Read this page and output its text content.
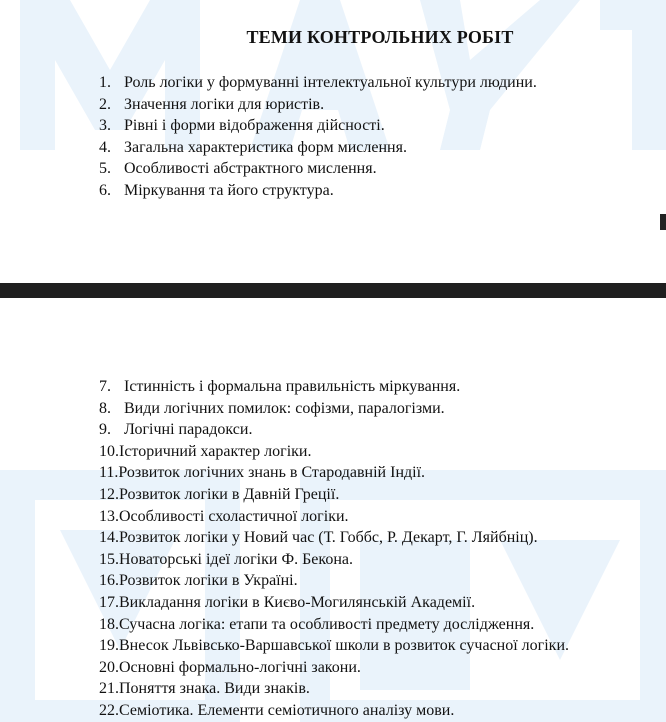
ТЕМИ КОНТРОЛЬНИХ РОБІТ
1. Роль логіки у формуванні інтелектуальної культури людини.
2. Значення логіки для юристів.
3. Рівні і форми відображення дійсності.
4. Загальна характеристика форм мислення.
5. Особливості абстрактного мислення.
6. Міркування та його структура.
7. Істинність і формальна правильність міркування.
8. Види логічних помилок: софізми, паралогізми.
9. Логічні парадокси.
10.Історичний характер логіки.
11.Розвиток логічних знань в Стародавній Індії.
12.Розвиток логіки в Давній Греції.
13.Особливості схоластичної логіки.
14.Розвиток логіки у Новий час (Т. Гоббс, Р. Декарт, Г. Ляйбніц).
15.Новаторські ідеї логіки Ф. Бекона.
16.Розвиток логіки в Україні.
17.Викладання логіки в Києво-Могилянській Академії.
18.Сучасна логіка: етапи та особливості предмету дослідження.
19.Внесок Львівсько-Варшавської школи в розвиток сучасної логіки.
20.Основні формально-логічні закони.
21.Поняття знака. Види знаків.
22.Семіотика. Елементи семіотичного аналізу мови.
